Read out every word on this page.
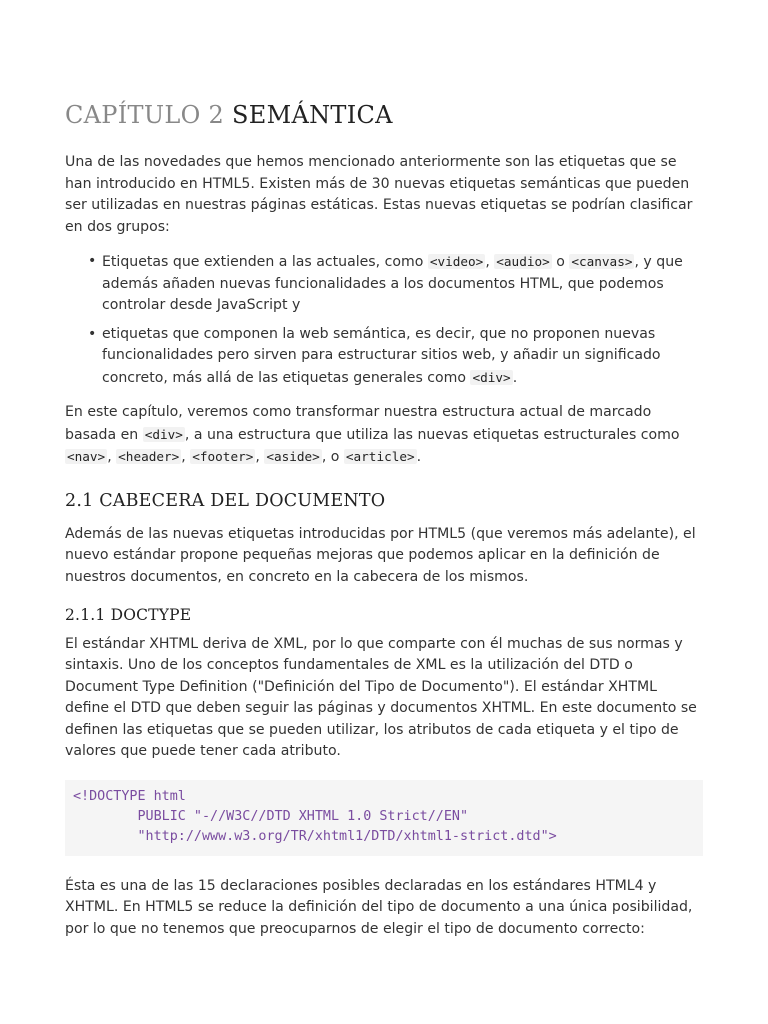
CAPÍTULO 2 SEMÁNTICA

Una de las novedades que hemos mencionado anteriormente son las etiquetas que se han introducido en HTML5. Existen más de 30 nuevas etiquetas semánticas que pueden ser utilizadas en nuestras páginas estáticas. Estas nuevas etiquetas se podrían clasificar en dos grupos:

• Etiquetas que extienden a las actuales, como <video> , <audio> o <canvas> , y que además añaden nuevas funcionalidades a los documentos HTML, que podemos controlar desde JavaScript y
• etiquetas que componen la web semántica, es decir, que no proponen nuevas funcionalidades pero sirven para estructurar sitios web, y añadir un significado concreto, más allá de las etiquetas generales como <div> .

En este capítulo, veremos como transformar nuestra estructura actual de marcado basada en <div> , a una estructura que utiliza las nuevas etiquetas estructurales como <nav> , <header> , <footer> , <aside> , o <article> .

2.1 CABECERA DEL DOCUMENTO

Además de las nuevas etiquetas introducidas por HTML5 (que veremos más adelante), el nuevo estándar propone pequeñas mejoras que podemos aplicar en la definición de nuestros documentos, en concreto en la cabecera de los mismos.

2.1.1 DOCTYPE

El estándar XHTML deriva de XML, por lo que comparte con él muchas de sus normas y sintaxis. Uno de los conceptos fundamentales de XML es la utilización del DTD o Document Type Definition ("Definición del Tipo de Documento"). El estándar XHTML define el DTD que deben seguir las páginas y documentos XHTML. En este documento se definen las etiquetas que se pueden utilizar, los atributos de cada etiqueta y el tipo de valores que puede tener cada atributo.

<!DOCTYPE html
PUBLIC "-//W3C//DTD XHTML 1.0 Strict//EN"
"http://www.w3.org/TR/xhtml1/DTD/xhtml1-strict.dtd">

Ésta es una de las 15 declaraciones posibles declaradas en los estándares HTML4 y XHTML. En HTML5 se reduce la definición del tipo de documento a una única posibilidad, por lo que no tenemos que preocuparnos de elegir el tipo de documento correcto:
